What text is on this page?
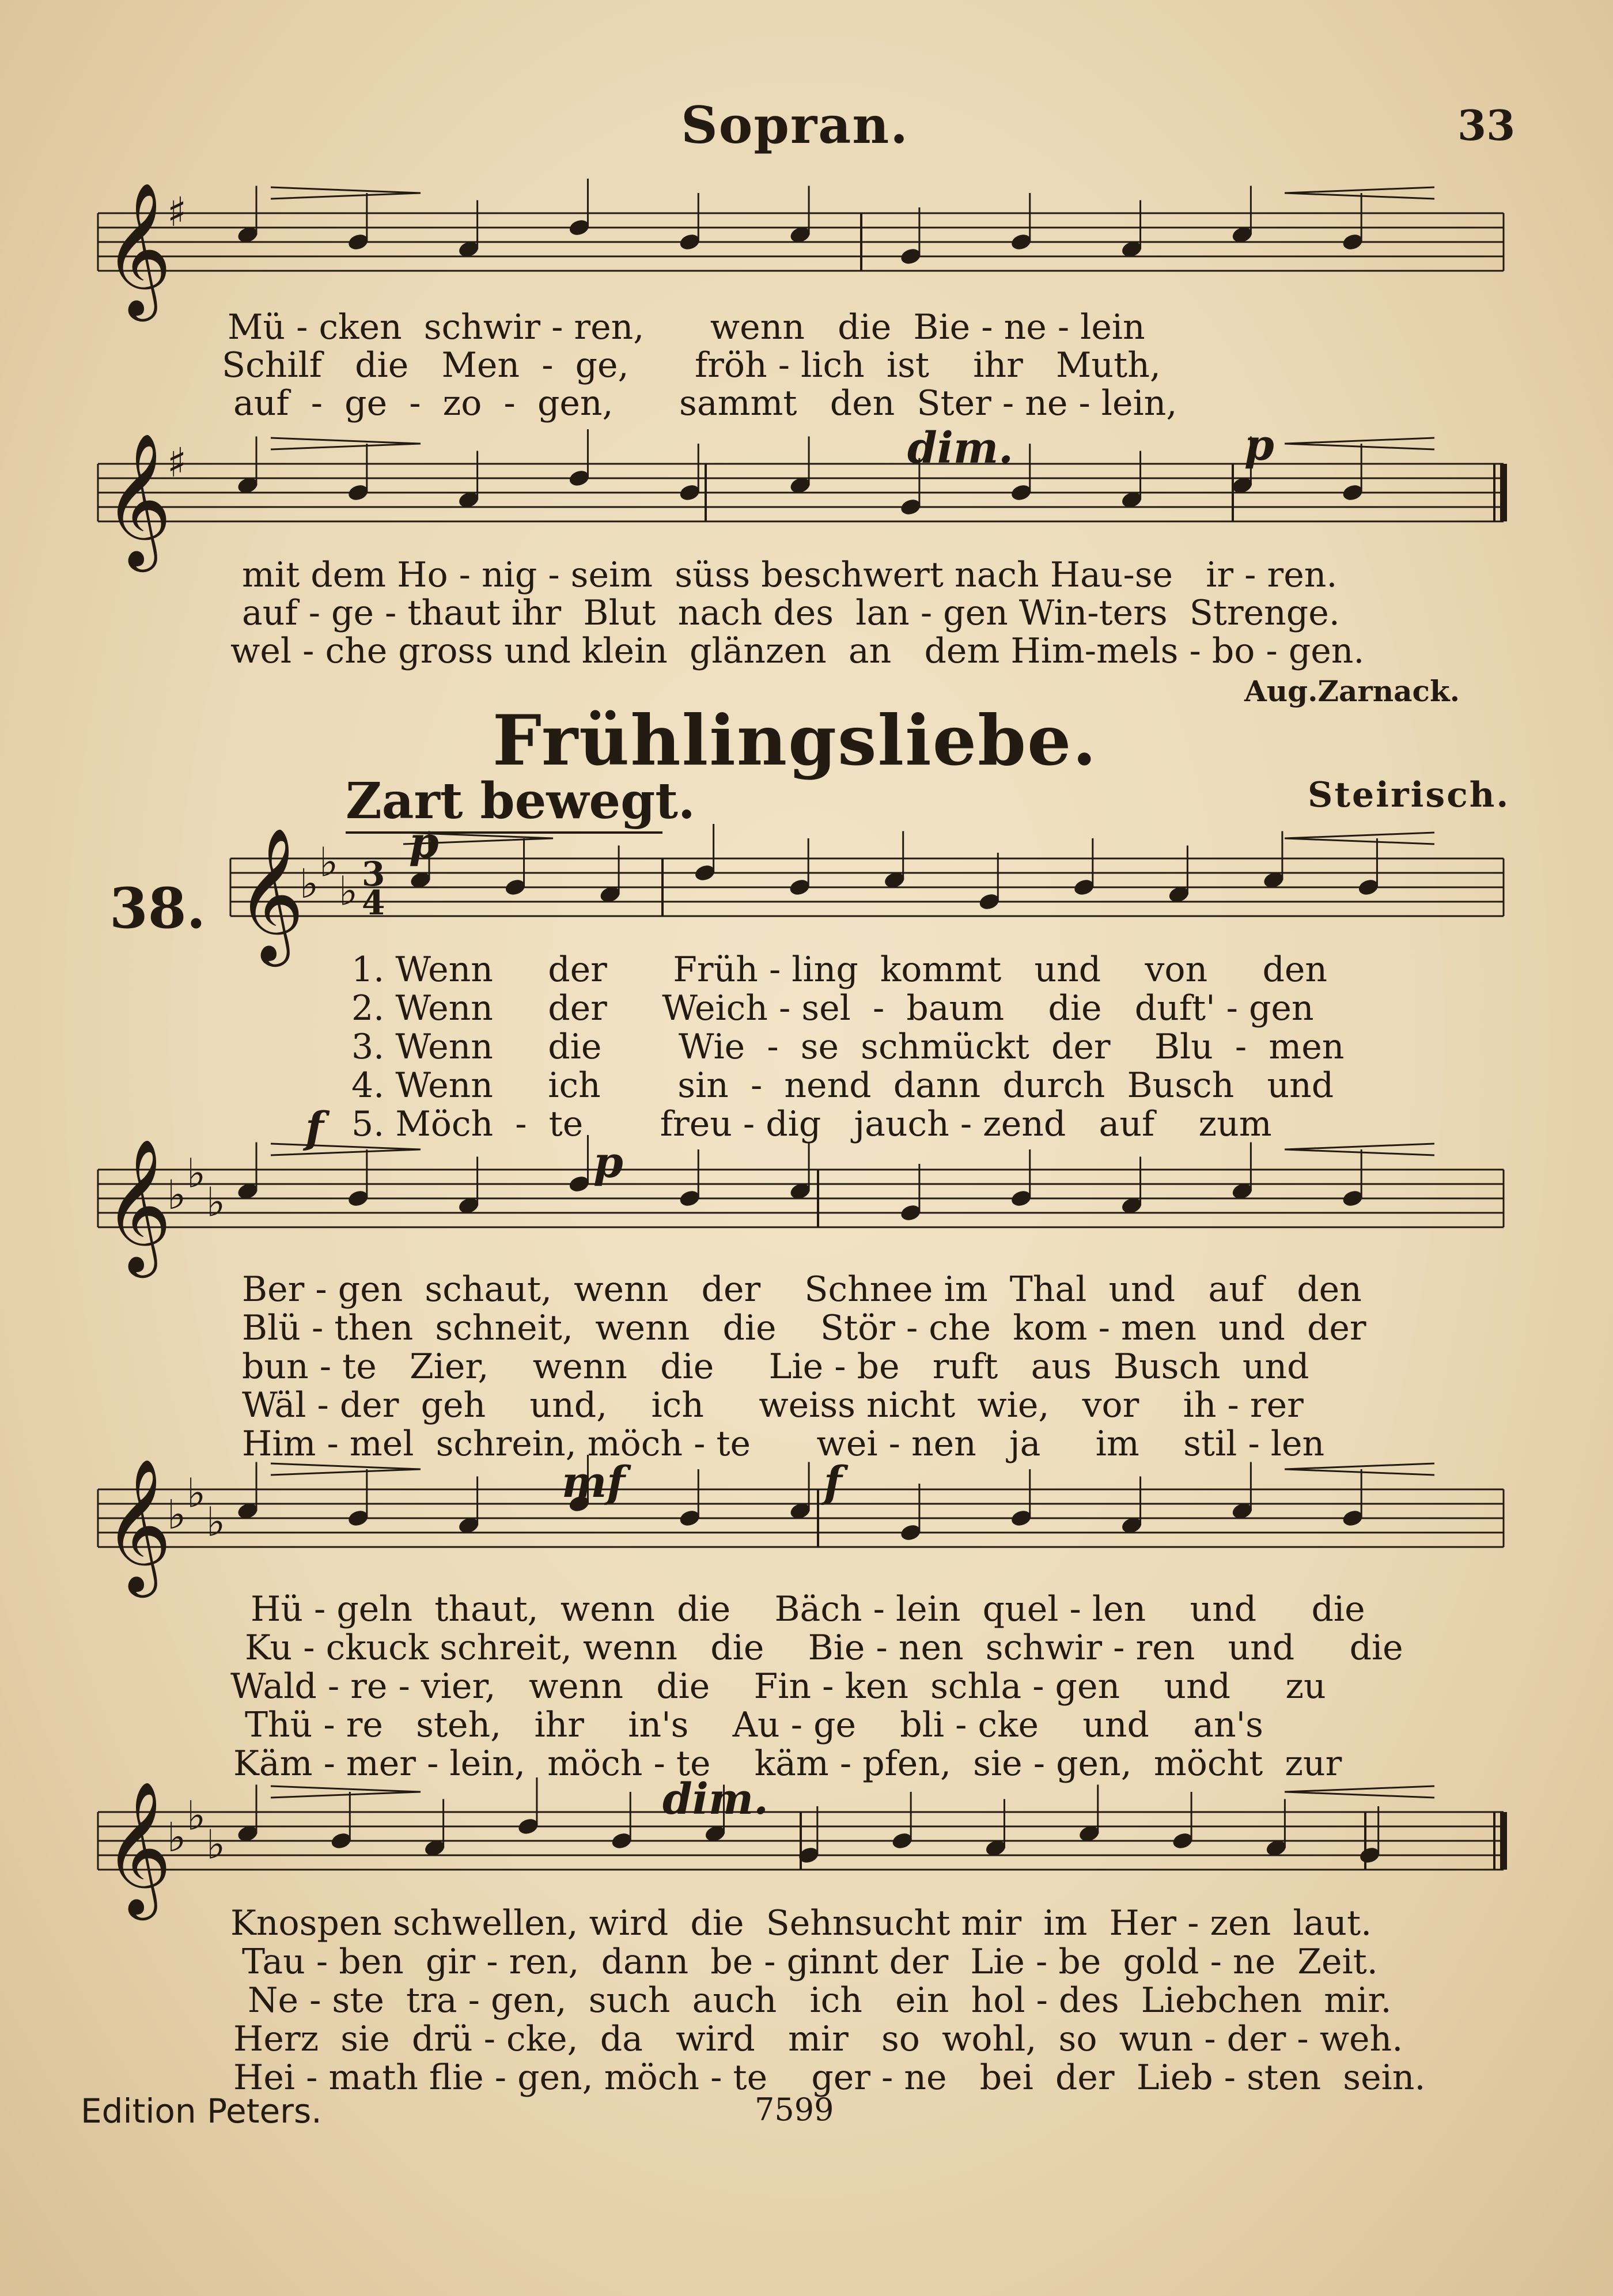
Sopran.	33
𝄞
♯
𝄞
♯
𝄞
♭ ♭
♭ 3
4
𝄞
♭ ♭
♭
𝄞
♭ ♭
♭
𝄞
♭ ♭
♭
Mü - cken  schwir - ren,      wenn   die  Bie - ne - lein
Schilf   die   Men  -  ge,      fröh - lich  ist    ihr   Muth,
auf  -  ge  -  zo  -  gen,      sammt   den  Ster - ne - lein,
dim.	p
mit dem Ho - nig - seim  süss beschwert nach Hau-se   ir - ren.
auf - ge - thaut ihr  Blut  nach des  lan - gen Win-ters  Strenge.
wel - che gross und klein  glänzen  an   dem Him-mels - bo - gen.
Aug.Zarnack.
Frühlingsliebe.
Zart bewegt.	Steirisch.
38.
p
f
1. Wenn     der      Früh - ling  kommt   und    von     den
2. Wenn     der     Weich - sel  -  baum    die   duft' - gen
3. Wenn     die       Wie  -  se  schmückt  der    Blu  -  men
4. Wenn     ich       sin  -  nend  dann  durch  Busch   und
5. Möch  -  te       freu - dig   jauch - zend   auf    zum
p
Ber - gen  schaut,  wenn   der    Schnee im  Thal  und   auf   den
Blü - then  schneit,  wenn   die    Stör - che  kom - men  und  der
bun - te   Zier,    wenn   die     Lie - be   ruft   aus  Busch  und
Wäl - der  geh    und,    ich     weiss nicht  wie,   vor    ih - rer
Him - mel  schrein, möch - te      wei - nen   ja     im    stil - len
mf	f
Hü - geln  thaut,  wenn  die    Bäch - lein  quel - len    und     die
Ku - ckuck schreit, wenn   die    Bie - nen  schwir - ren   und     die
Wald - re - vier,   wenn   die    Fin - ken  schla - gen    und     zu
Thü - re   steh,   ihr    in's    Au - ge    bli - cke    und    an's
Käm - mer - lein,  möch - te    käm - pfen,  sie - gen,  möcht  zur
dim.
Knospen schwellen, wird  die  Sehnsucht mir  im  Her - zen  laut.
Tau - ben  gir - ren,  dann  be - ginnt der  Lie - be  gold - ne  Zeit.
Ne - ste  tra - gen,  such  auch   ich   ein  hol - des  Liebchen  mir.
Herz  sie  drü - cke,  da   wird   mir   so  wohl,  so  wun - der - weh.
Hei - math flie - gen, möch - te    ger - ne   bei  der  Lieb - sten  sein.
Edition Peters.	7599
